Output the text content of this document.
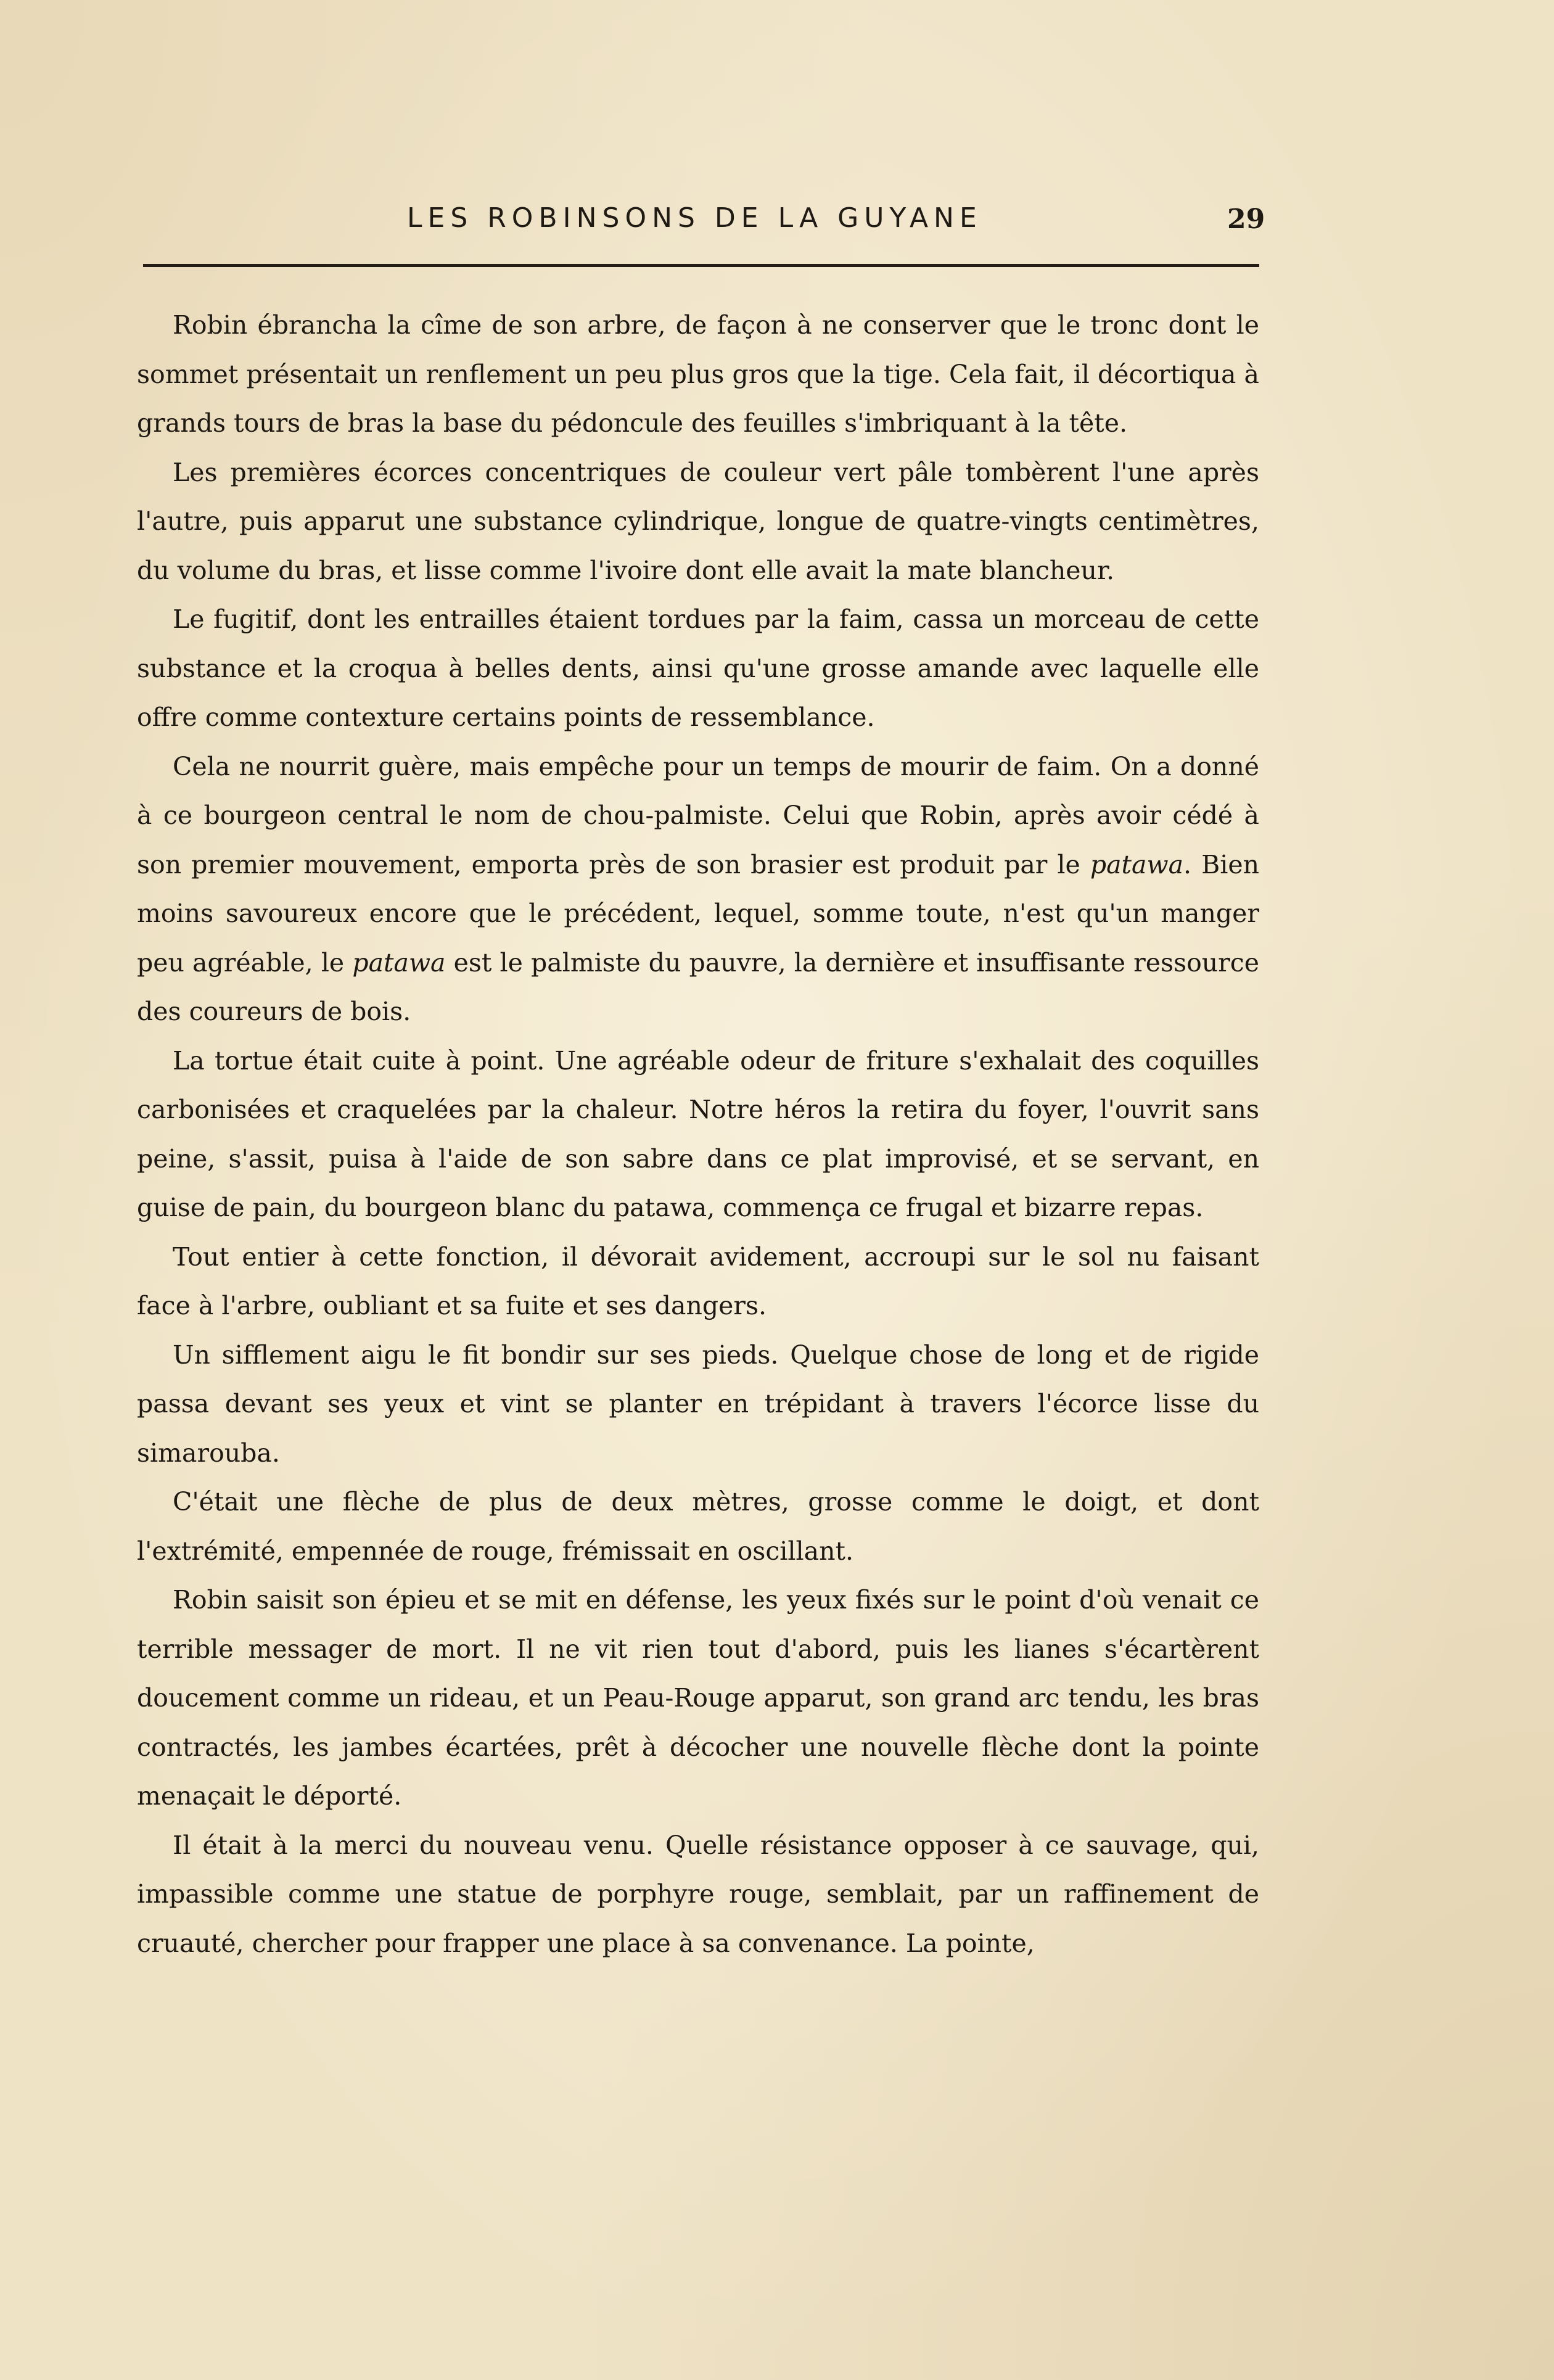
LES ROBINSONS DE LA GUYANE	29

Robin ébrancha la cîme de son arbre, de façon à ne conserver que le tronc dont le sommet présentait un renflement un peu plus gros que la tige. Cela fait, il décortiqua à grands tours de bras la base du pédoncule des feuilles s'imbriquant à la tête.

Les premières écorces concentriques de couleur vert pâle tombèrent l'une après l'autre, puis apparut une substance cylindrique, longue de quatre-vingts centimètres, du volume du bras, et lisse comme l'ivoire dont elle avait la mate blancheur.

Le fugitif, dont les entrailles étaient tordues par la faim, cassa un morceau de cette substance et la croqua à belles dents, ainsi qu'une grosse amande avec laquelle elle offre comme contexture certains points de ressemblance.

Cela ne nourrit guère, mais empêche pour un temps de mourir de faim. On a donné à ce bourgeon central le nom de chou-palmiste. Celui que Robin, après avoir cédé à son premier mouvement, emporta près de son brasier est produit par le patawa. Bien moins savoureux encore que le précédent, lequel, somme toute, n'est qu'un manger peu agréable, le patawa est le palmiste du pauvre, la dernière et insuffisante ressource des coureurs de bois.

La tortue était cuite à point. Une agréable odeur de friture s'exhalait des coquilles carbonisées et craquelées par la chaleur. Notre héros la retira du foyer, l'ouvrit sans peine, s'assit, puisa à l'aide de son sabre dans ce plat improvisé, et se servant, en guise de pain, du bourgeon blanc du patawa, commença ce frugal et bizarre repas.

Tout entier à cette fonction, il dévorait avidement, accroupi sur le sol nu faisant face à l'arbre, oubliant et sa fuite et ses dangers.

Un sifflement aigu le fit bondir sur ses pieds. Quelque chose de long et de rigide passa devant ses yeux et vint se planter en trépidant à travers l'écorce lisse du simarouba.

C'était une flèche de plus de deux mètres, grosse comme le doigt, et dont l'extrémité, empennée de rouge, frémissait en oscillant.

Robin saisit son épieu et se mit en défense, les yeux fixés sur le point d'où venait ce terrible messager de mort. Il ne vit rien tout d'abord, puis les lianes s'écartèrent doucement comme un rideau, et un Peau-Rouge apparut, son grand arc tendu, les bras contractés, les jambes écartées, prêt à décocher une nouvelle flèche dont la pointe menaçait le déporté.

Il était à la merci du nouveau venu. Quelle résistance opposer à ce sauvage, qui, impassible comme une statue de porphyre rouge, semblait, par un raffinement de cruauté, chercher pour frapper une place à sa convenance. La pointe,
